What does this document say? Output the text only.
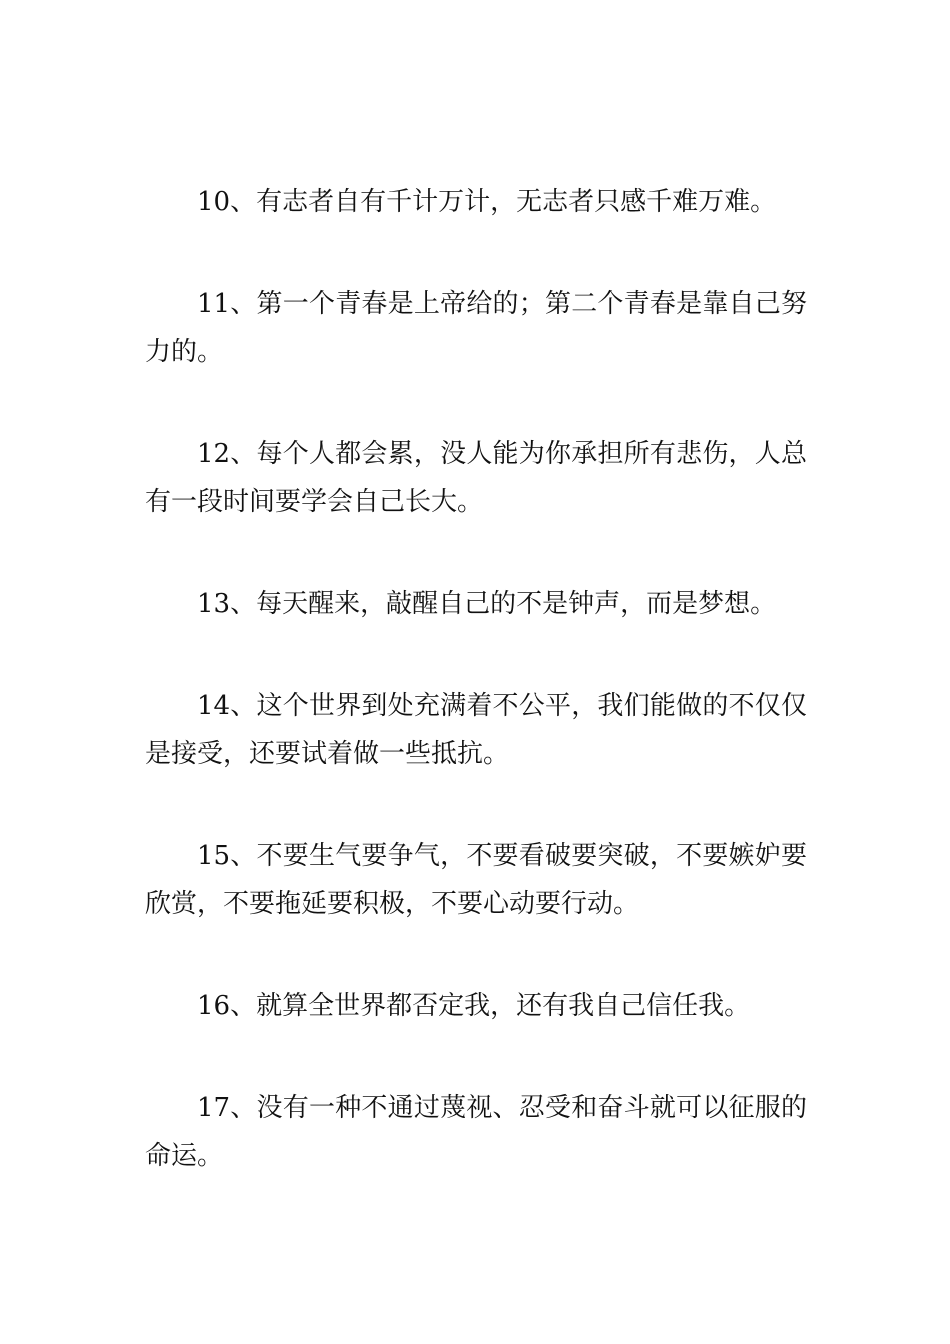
10、有志者自有千计万计，无志者只感千难万难。

11、第一个青春是上帝给的；第二个青春是靠自己努力的。

12、每个人都会累，没人能为你承担所有悲伤，人总有一段时间要学会自己长大。

13、每天醒来，敲醒自己的不是钟声，而是梦想。

14、这个世界到处充满着不公平，我们能做的不仅仅是接受，还要试着做一些抵抗。

15、不要生气要争气，不要看破要突破，不要嫉妒要欣赏，不要拖延要积极，不要心动要行动。

16、就算全世界都否定我，还有我自己信任我。

17、没有一种不通过蔑视、忍受和奋斗就可以征服的命运。
